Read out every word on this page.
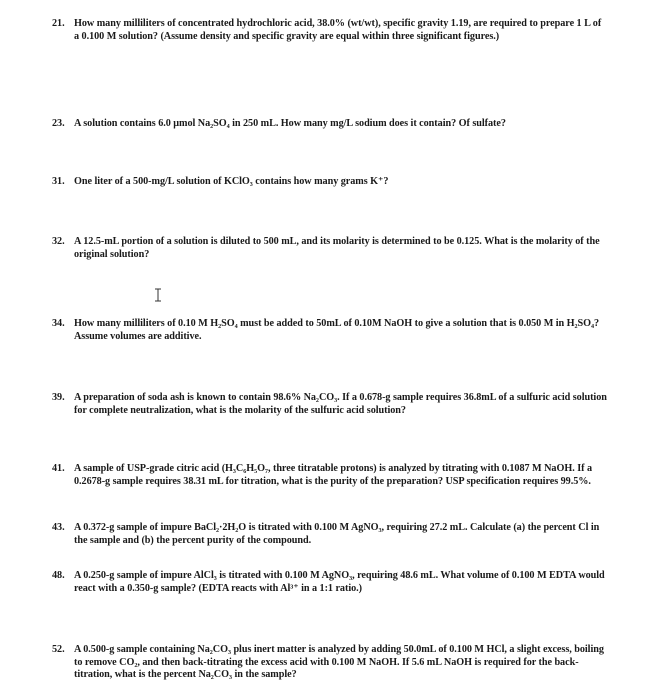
21. How many milliliters of concentrated hydrochloric acid, 38.0% (wt/wt), specific gravity 1.19, are required to prepare 1 L of a 0.100 M solution? (Assume density and specific gravity are equal within three significant figures.)
23. A solution contains 6.0 μmol Na₂SO₄ in 250 mL. How many mg/L sodium does it contain? Of sulfate?
31. One liter of a 500-mg/L solution of KClO₃ contains how many grams K⁺?
32. A 12.5-mL portion of a solution is diluted to 500 mL, and its molarity is determined to be 0.125. What is the molarity of the original solution?
34. How many milliliters of 0.10 M H₂SO₄ must be added to 50mL of 0.10M NaOH to give a solution that is 0.050 M in H₂SO₄? Assume volumes are additive.
39. A preparation of soda ash is known to contain 98.6% Na₂CO₃. If a 0.678-g sample requires 36.8mL of a sulfuric acid solution for complete neutralization, what is the molarity of the sulfuric acid solution?
41. A sample of USP-grade citric acid (H₃C₆H₅O₇, three titratable protons) is analyzed by titrating with 0.1087 M NaOH. If a 0.2678-g sample requires 38.31 mL for titration, what is the purity of the preparation? USP specification requires 99.5%.
43. A 0.372-g sample of impure BaCl₂·2H₂O is titrated with 0.100 M AgNO₃, requiring 27.2 mL. Calculate (a) the percent Cl in the sample and (b) the percent purity of the compound.
48. A 0.250-g sample of impure AlCl₃ is titrated with 0.100 M AgNO₃, requiring 48.6 mL. What volume of 0.100 M EDTA would react with a 0.350-g sample? (EDTA reacts with Al³⁺ in a 1:1 ratio.)
52. A 0.500-g sample containing Na₂CO₃ plus inert matter is analyzed by adding 50.0mL of 0.100 M HCl, a slight excess, boiling to remove CO₂, and then back-titrating the excess acid with 0.100 M NaOH. If 5.6 mL NaOH is required for the back-titration, what is the percent Na₂CO₃ in the sample?
